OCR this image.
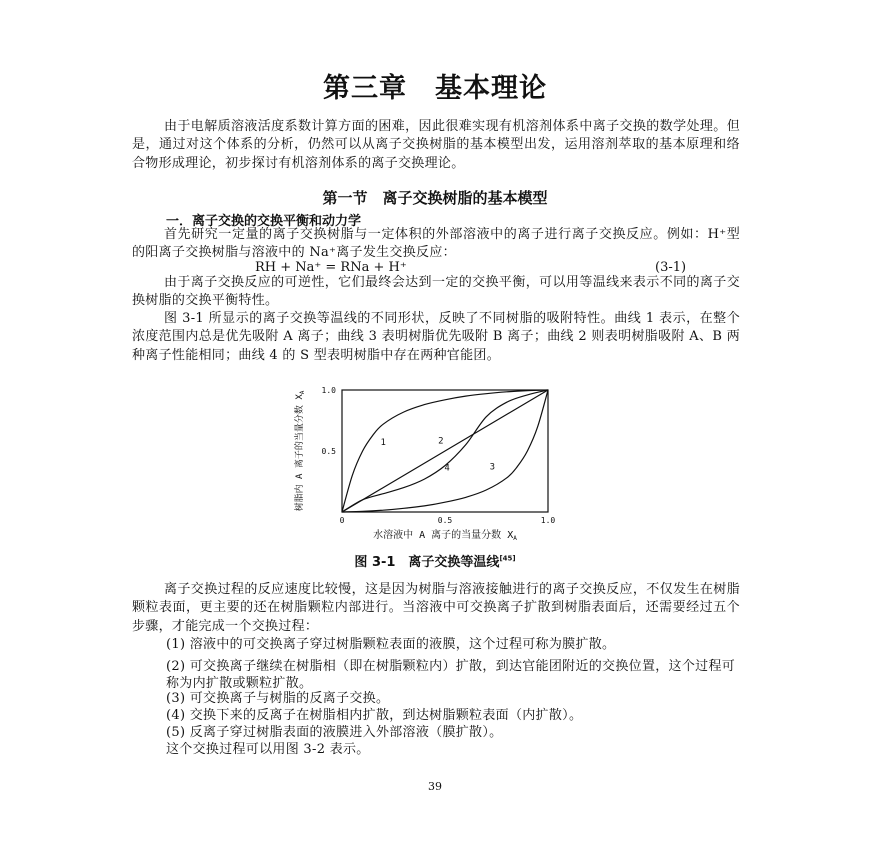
第三章　基本理论
由于电解质溶液活度系数计算方面的困难，因此很难实现有机溶剂体系中离子交换的数学处理。但是，通过对这个体系的分析，仍然可以从离子交换树脂的基本模型出发，运用溶剂萃取的基本原理和络合物形成理论，初步探讨有机溶剂体系的离子交换理论。
第一节　离子交换树脂的基本模型
一．离子交换的交换平衡和动力学
首先研究一定量的离子交换树脂与一定体积的外部溶液中的离子进行离子交换反应。例如：H⁺型的阳离子交换树脂与溶液中的 Na⁺离子发生交换反应：
RH + Na⁺ = RNa + H⁺	(3-1)
由于离子交换反应的可逆性，它们最终会达到一定的交换平衡，可以用等温线来表示不同的离子交换树脂的交换平衡特性。
图 3-1 所显示的离子交换等温线的不同形状，反映了不同树脂的吸附特性。曲线 1 表示，在整个浓度范围内总是优先吸附 A 离子；曲线 3 表明树脂优先吸附 B 离子；曲线 2 则表明树脂吸附 A、B 两种离子性能相同；曲线 4 的 S 型表明树脂中存在两种官能团。
0	0.5	1.0
0.5
1.0
1	2
4	3
树脂内 A 离子的当量分数 $X_A$
水溶液中 A 离子的当量分数 $X_A$
图 3-1　离子交换等温线[45]
离子交换过程的反应速度比较慢，这是因为树脂与溶液接触进行的离子交换反应，不仅发生在树脂颗粒表面，更主要的还在树脂颗粒内部进行。当溶液中可交换离子扩散到树脂表面后，还需要经过五个步骤，才能完成一个交换过程：
(1) 溶液中的可交换离子穿过树脂颗粒表面的液膜，这个过程可称为膜扩散。
(2) 可交换离子继续在树脂相（即在树脂颗粒内）扩散，到达官能团附近的交换位置，这个过程可称为内扩散或颗粒扩散。
(3) 可交换离子与树脂的反离子交换。
(4) 交换下来的反离子在树脂相内扩散，到达树脂颗粒表面（内扩散）。
(5) 反离子穿过树脂表面的液膜进入外部溶液（膜扩散）。
这个交换过程可以用图 3-2 表示。
39
